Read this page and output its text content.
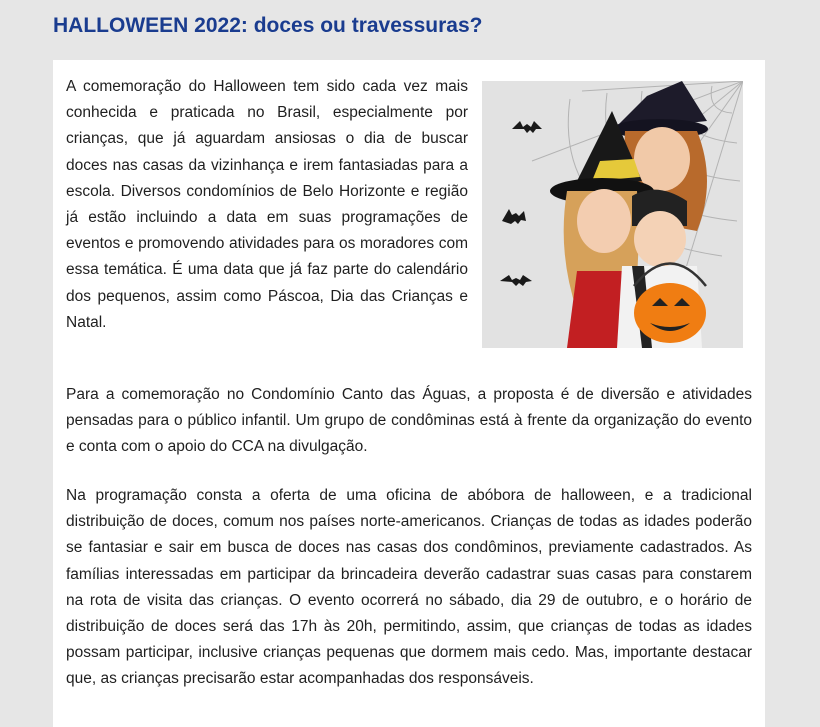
HALLOWEEN 2022: doces ou travessuras?

A comemoração do Halloween tem sido cada vez mais conhecida e praticada no Brasil, especialmente por crianças, que já aguardam ansiosas o dia de buscar doces nas casas da vizinhança e irem fantasiadas para a escola. Diversos condomínios de Belo Horizonte e região já estão incluindo a data em suas programações de eventos e promovendo atividades para os moradores com essa temática. É uma data que já faz parte do calendário dos pequenos, assim como Páscoa, Dia das Crianças e Natal.

Para a comemoração no Condomínio Canto das Águas, a proposta é de diversão e atividades pensadas para o público infantil. Um grupo de condôminas está à frente da organização do evento e conta com o apoio do CCA na divulgação.

Na programação consta a oferta de uma oficina de abóbora de halloween, e a tradicional distribuição de doces, comum nos países norte-americanos. Crianças de todas as idades poderão se fantasiar e sair em busca de doces nas casas dos condôminos, previamente cadastrados. As famílias interessadas em participar da brincadeira deverão cadastrar suas casas para constarem na rota de visita das crianças. O evento ocorrerá no sábado, dia 29 de outubro, e o horário de distribuição de doces será das 17h às 20h, permitindo, assim, que crianças de todas as idades possam participar, inclusive crianças pequenas que dormem mais cedo. Mas, importante destacar que, as crianças precisarão estar acompanhadas dos responsáveis.
